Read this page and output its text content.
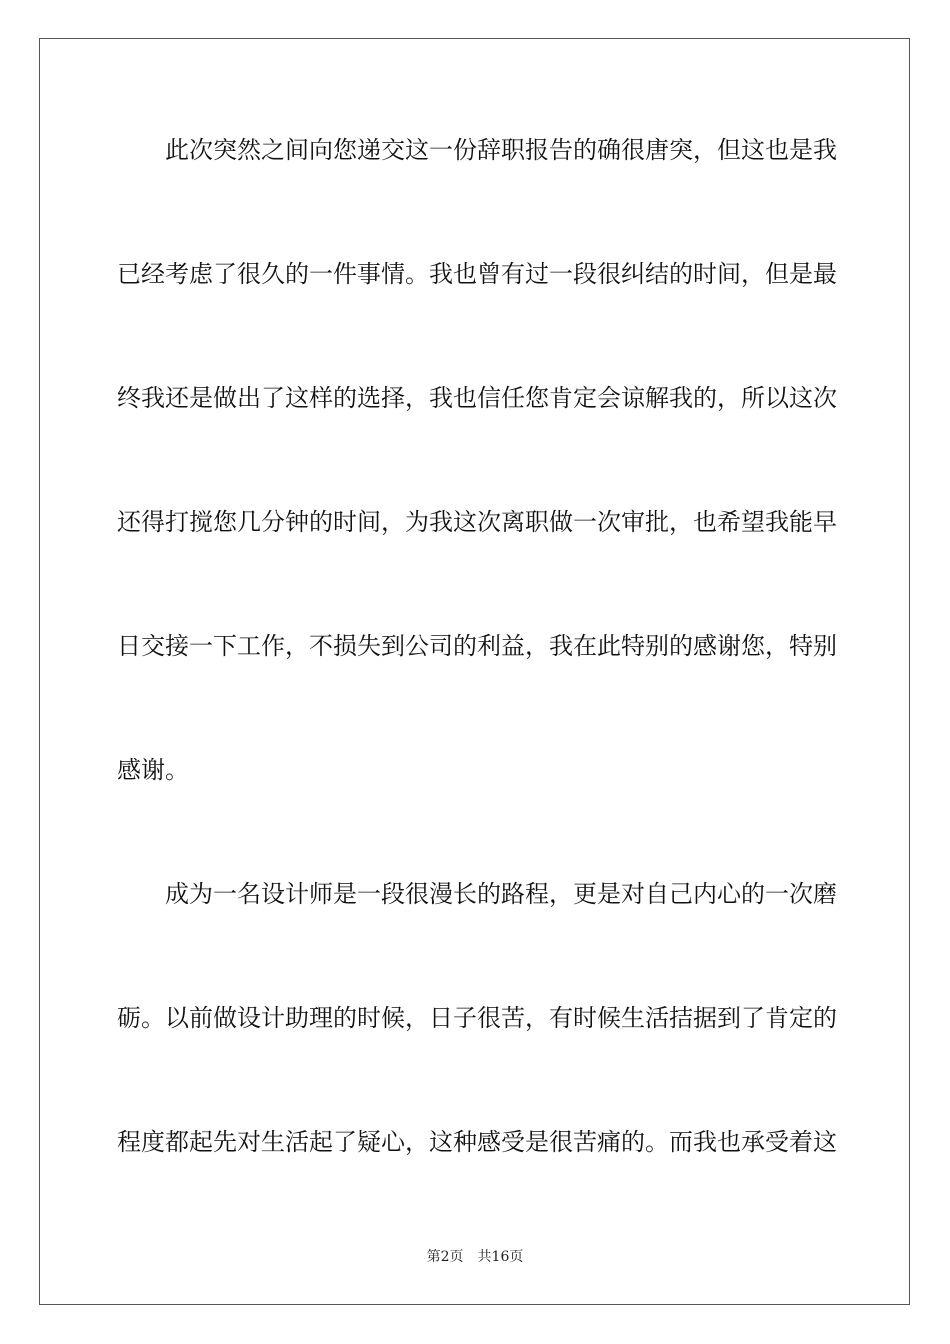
此次突然之间向您递交这一份辞职报告的确很唐突，但这也是我
已经考虑了很久的一件事情。我也曾有过一段很纠结的时间，但是最
终我还是做出了这样的选择，我也信任您肯定会谅解我的，所以这次
还得打搅您几分钟的时间，为我这次离职做一次审批，也希望我能早
日交接一下工作，不损失到公司的利益，我在此特别的感谢您，特别
感谢。
成为一名设计师是一段很漫长的路程，更是对自己内心的一次磨
砺。以前做设计助理的时候，日子很苦，有时候生活拮据到了肯定的
程度都起先对生活起了疑心，这种感受是很苦痛的。而我也承受着这
第2页 共16页
